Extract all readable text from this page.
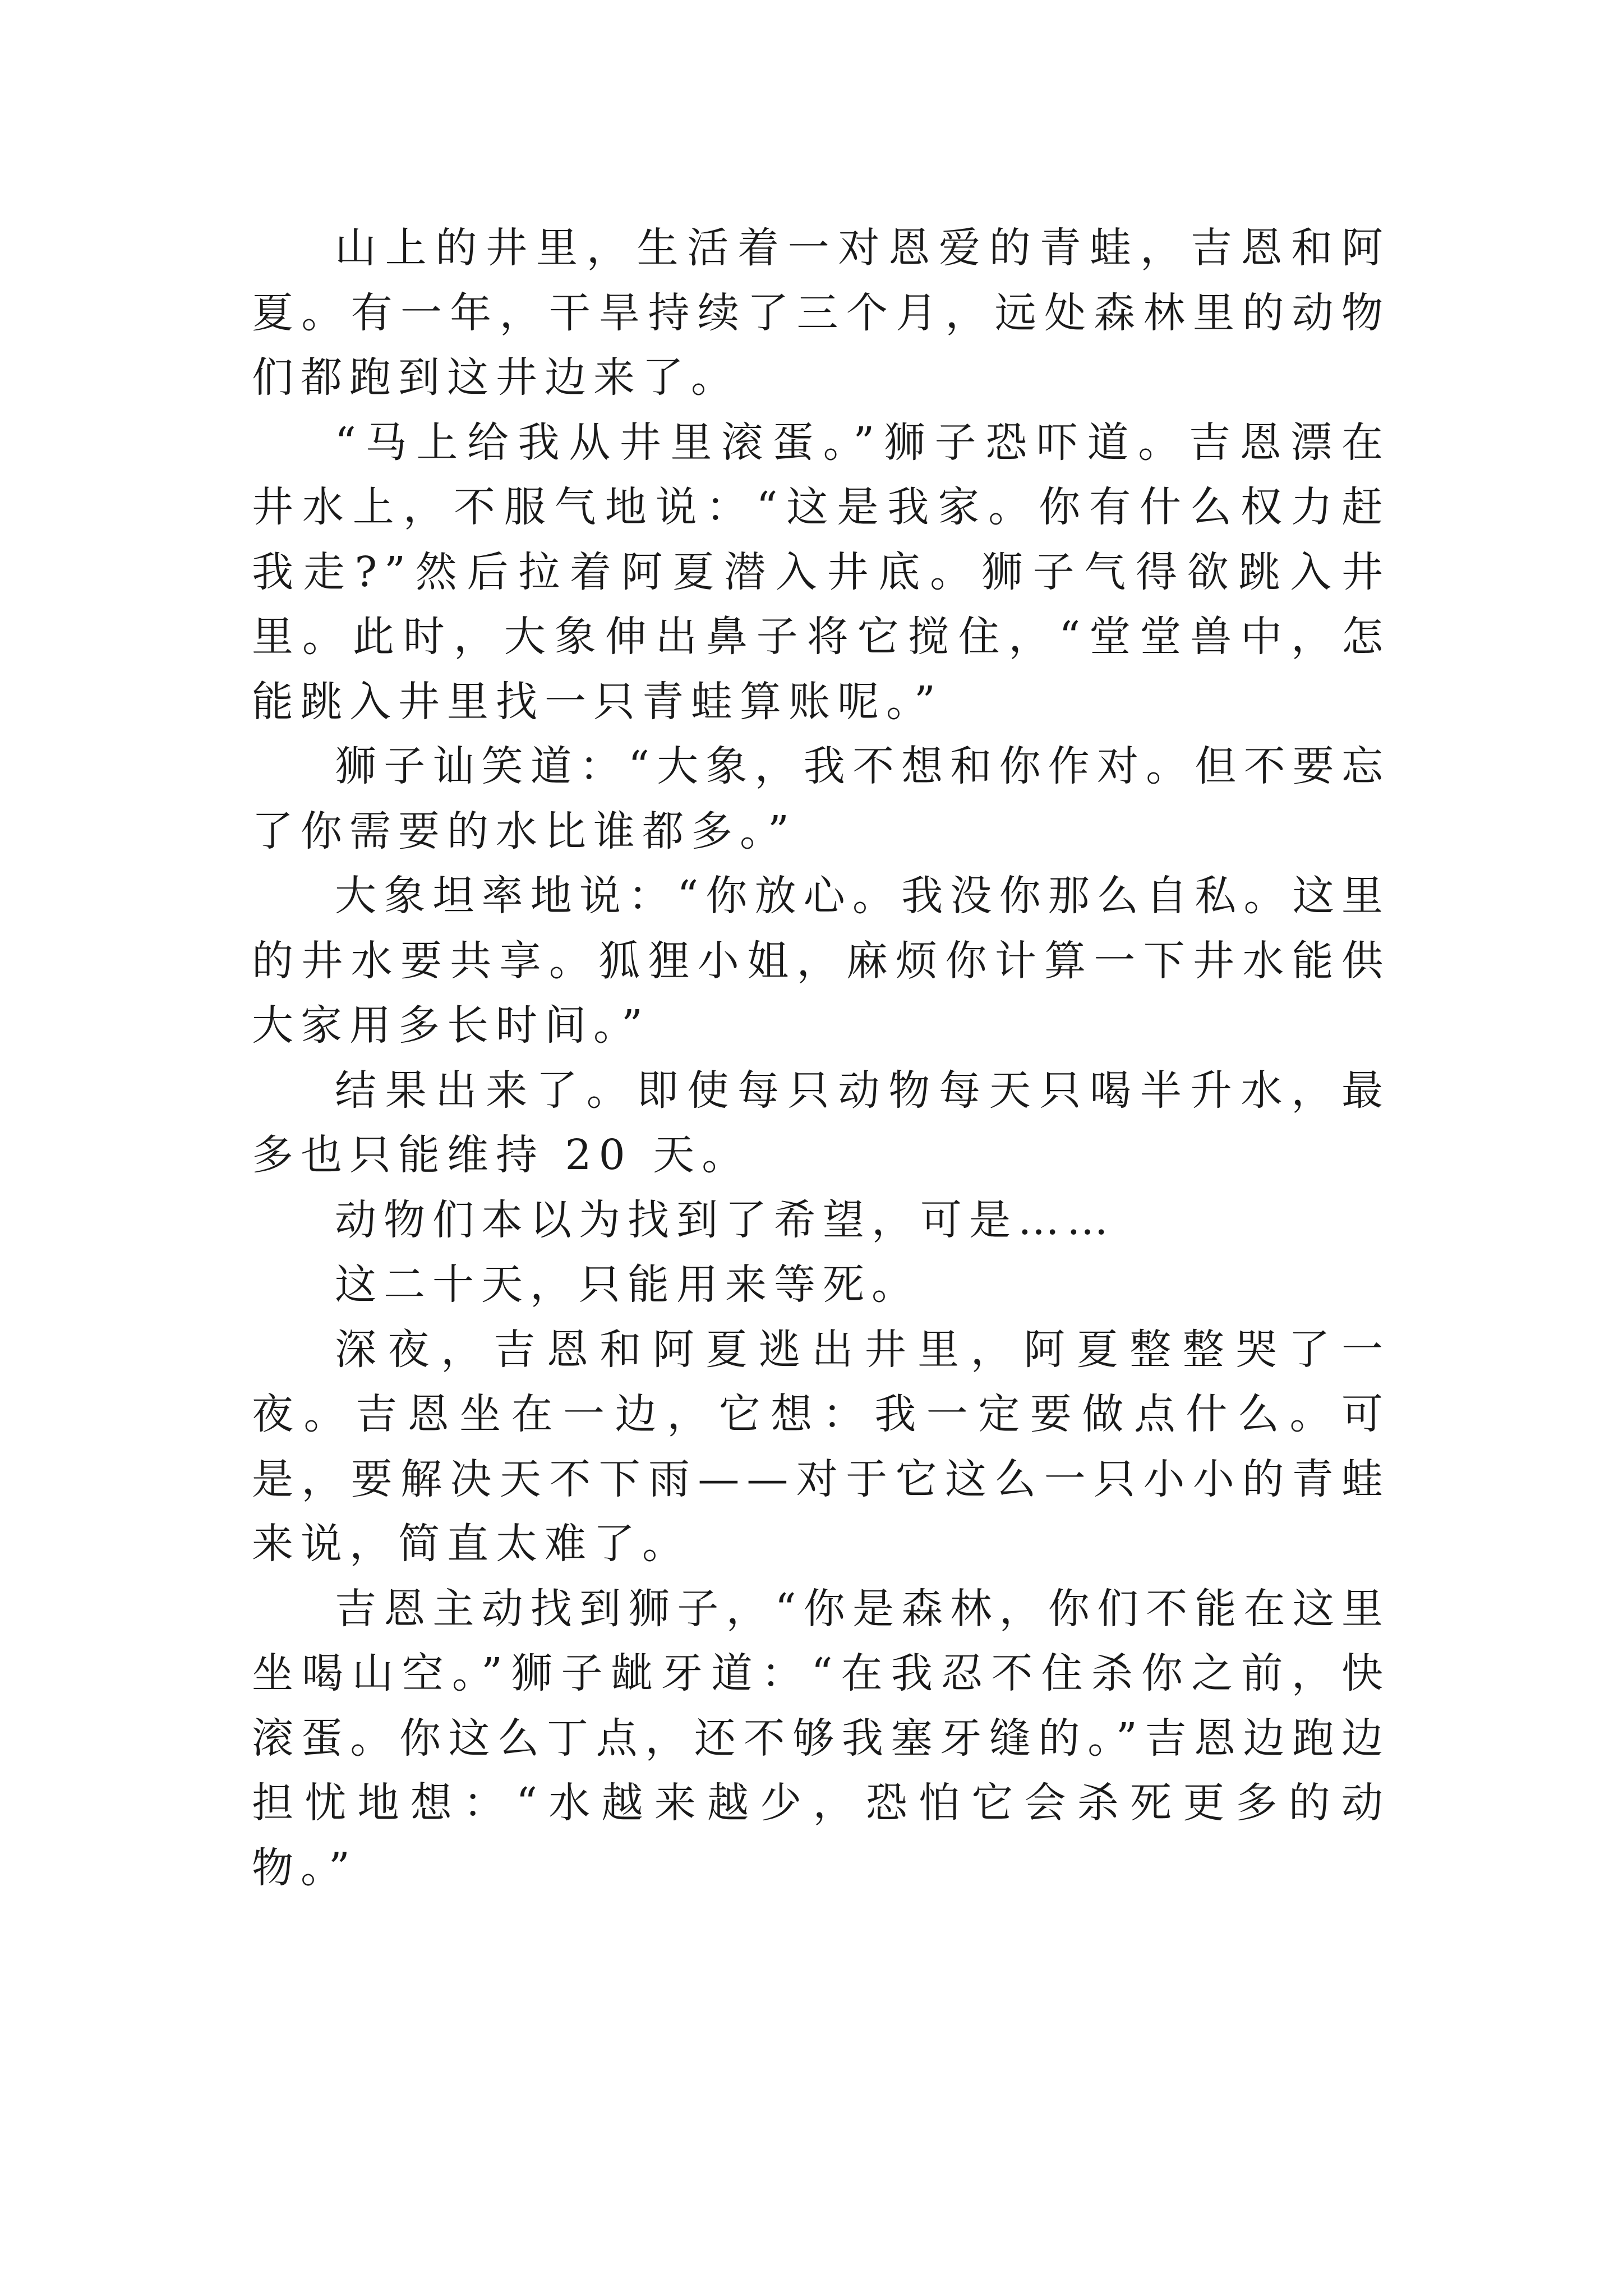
山上的井里，生活着一对恩爱的青蛙，吉恩和阿夏。有一年，干旱持续了三个月，远处森林里的动物们都跑到这井边来了。

“马上给我从井里滚蛋。”狮子恐吓道。吉恩漂在井水上，不服气地说：“这是我家。你有什么权力赶我走?”然后拉着阿夏潜入井底。狮子气得欲跳入井里。此时，大象伸出鼻子将它搅住，“堂堂兽中，怎能跳入井里找一只青蛙算账呢。”

狮子讪笑道：“大象，我不想和你作对。但不要忘了你需要的水比谁都多。”

大象坦率地说：“你放心。我没你那么自私。这里的井水要共享。狐狸小姐，麻烦你计算一下井水能供大家用多长时间。”

结果出来了。即使每只动物每天只喝半升水，最多也只能维持 20 天。

动物们本以为找到了希望，可是……

这二十天，只能用来等死。

深夜，吉恩和阿夏逃出井里，阿夏整整哭了一夜。吉恩坐在一边，它想：我一定要做点什么。可是，要解决天不下雨——对于它这么一只小小的青蛙来说，简直太难了。

吉恩主动找到狮子，“你是森林，你们不能在这里坐喝山空。”狮子龇牙道：“在我忍不住杀你之前，快滚蛋。你这么丁点，还不够我塞牙缝的。”吉恩边跑边担忧地想：“水越来越少，恐怕它会杀死更多的动物。”
